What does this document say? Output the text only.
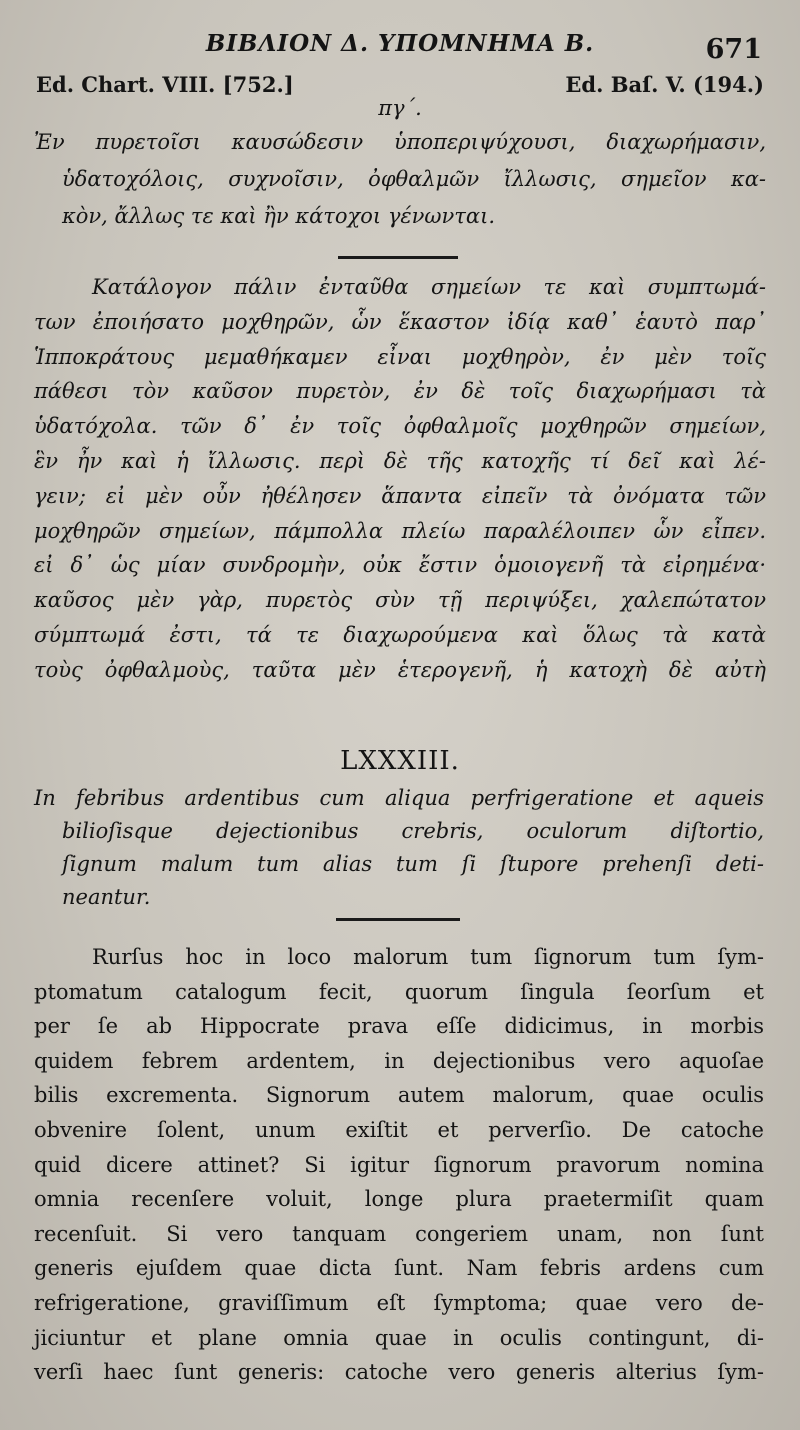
ΒΙΒΛΙΟΝ Δ. ΥΠΟΜΝΗΜΑ Β.	671
Ed. Chart. VIII. [752.]	Ed. Baſ. V. (194.)
πγ΄.
Ἐν πυρετοῖσι καυσώδεσιν ὑποπεριψύχουσι, διαχωρήμασιν,
ὑδατοχόλοις, συχνοῖσιν, ὀφθαλμῶν ἴλλωσις, σημεῖον κα-
κὸν, ἄλλως τε καὶ ἢν κάτοχοι γένωνται.
Κατάλογον πάλιν ἐνταῦθα σημείων τε καὶ συμπτωμά-
των ἐποιήσατο μοχθηρῶν, ὧν ἕκαστον ἰδίᾳ καθ᾽ ἑαυτὸ παρ᾽
Ἱπποκράτους μεμαθήκαμεν εἶναι μοχθηρὸν, ἐν μὲν τοῖς
πάθεσι τὸν καῦσον πυρετὸν, ἐν δὲ τοῖς διαχωρήμασι τὰ
ὑδατόχολα. τῶν δ᾽ ἐν τοῖς ὀφθαλμοῖς μοχθηρῶν σημείων,
ἓν ἦν καὶ ἡ ἴλλωσις. περὶ δὲ τῆς κατοχῆς τί δεῖ καὶ λέ-
γειν; εἰ μὲν οὖν ἠθέλησεν ἅπαντα εἰπεῖν τὰ ὀνόματα τῶν
μοχθηρῶν σημείων, πάμπολλα πλείω παραλέλοιπεν ὧν εἶπεν.
εἰ δ᾽ ὡς μίαν συνδρομὴν, οὐκ ἔστιν ὁμοιογενῆ τὰ εἰρημένα·
καῦσος μὲν γὰρ, πυρετὸς σὺν τῇ περιψύξει, χαλεπώτατον
σύμπτωμά ἐστι, τά τε διαχωρούμενα καὶ ὅλως τὰ κατὰ
τοὺς ὀφθαλμοὺς, ταῦτα μὲν ἑτερογενῆ, ἡ κατοχὴ δὲ αὐτὴ
LXXXIII.
In febribus ardentibus cum aliqua perfrigeratione et aqueis
bilioſisque dejectionibus crebris, oculorum diſtortio,
ſignum malum tum alias tum ſi ſtupore prehenſi deti-
neantur.
Rurſus hoc in loco malorum tum ſignorum tum ſym-
ptomatum catalogum fecit, quorum ſingula ſeorſum et
per ſe ab Hippocrate prava eſſe didicimus, in morbis
quidem febrem ardentem, in dejectionibus vero aquoſae
bilis excrementa. Signorum autem malorum, quae oculis
obvenire ſolent, unum exiſtit et perverſio. De catoche
quid dicere attinet? Si igitur ſignorum pravorum nomina
omnia recenſere voluit, longe plura praetermiſit quam
recenſuit. Si vero tanquam congeriem unam, non ſunt
generis ejuſdem quae dicta ſunt. Nam febris ardens cum
refrigeratione, graviſſimum eſt ſymptoma; quae vero de-
jiciuntur et plane omnia quae in oculis contingunt, di-
verſi haec ſunt generis: catoche vero generis alterius ſym-
